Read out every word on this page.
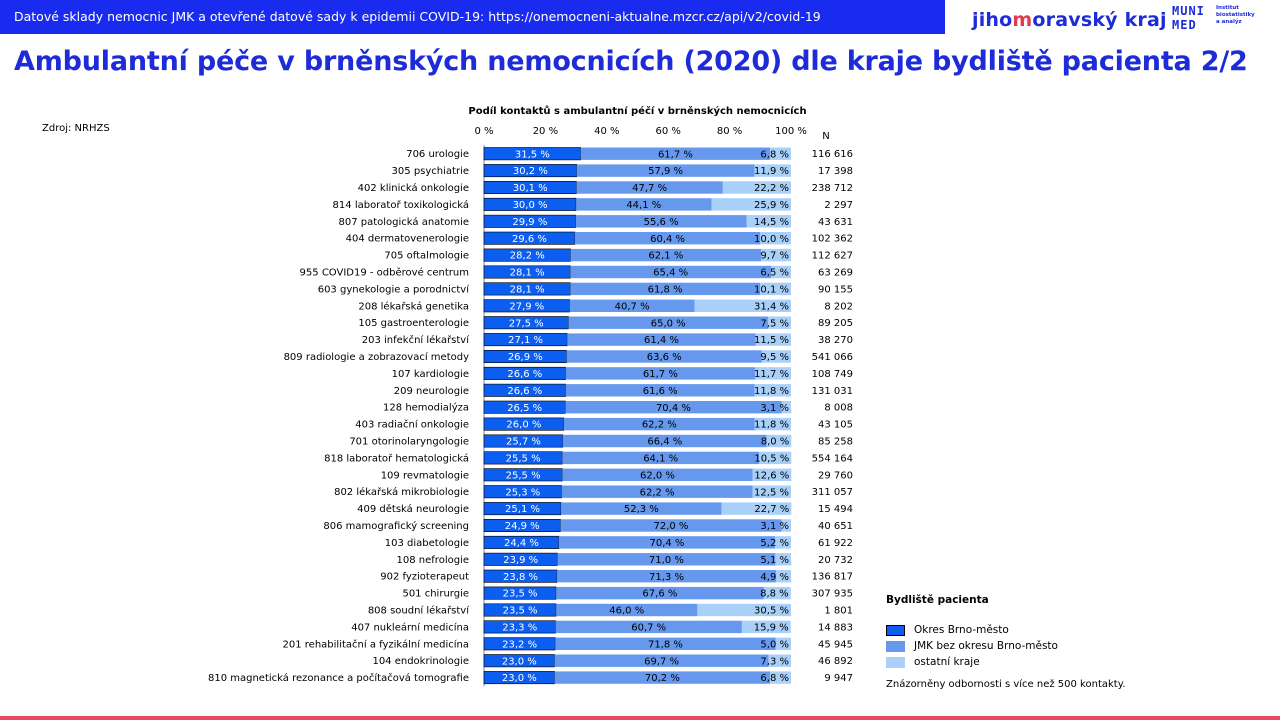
Datové sklady nemocnic JMK a otevřené datové sady k epidemii COVID-19: https://onemocneni-aktualne.mzcr.cz/api/v2/covid-19	jihomoravský kraj MUNI
MED
Institut
biostatistiky
a analýz
Ambulantní péče v brněnských nemocnicích (2020) dle kraje bydliště pacienta 2/2
Zdroj: NRHZS
Podíl kontaktů s ambulantní péčí v brněnských nemocnicích
0 %	20 %	40 %	60 %	80 %	100 % N
706 urologie	31,5 %	61,7 %	6,8 % 116 616
305 psychiatrie	30,2 %	57,9 %	11,9 %	17 398
402 klinická onkologie	30,1 %	47,7 %	22,2 % 238 712
814 laboratoř toxikologická	30,0 %	44,1 %	25,9 %	2 297
807 patologická anatomie	29,9 %	55,6 %	14,5 %	43 631
404 dermatovenerologie	29,6 %	60,4 %	10,0 % 102 362
705 oftalmologie	28,2 %	62,1 %	9,7 % 112 627
955 COVID19 - odběrové centrum	28,1 %	65,4 %	6,5 %	63 269
603 gynekologie a porodnictví	28,1 %	61,8 %	10,1 %	90 155
208 lékařská genetika	27,9 %	40,7 %	31,4 %	8 202
105 gastroenterologie	27,5 %	65,0 %	7,5 %	89 205
203 infekční lékařství	27,1 %	61,4 %	11,5 %	38 270
809 radiologie a zobrazovací metody	26,9 %	63,6 %	9,5 % 541 066
107 kardiologie	26,6 %	61,7 %	11,7 % 108 749
209 neurologie	26,6 %	61,6 %	11,8 % 131 031
128 hemodialýza	26,5 %	70,4 %	3,1 %	8 008
403 radiační onkologie	26,0 %	62,2 %	11,8 %	43 105
701 otorinolaryngologie	25,7 %	66,4 %	8,0 %	85 258
818 laboratoř hematologická	25,5 %	64,1 %	10,5 % 554 164
109 revmatologie	25,5 %	62,0 %	12,6 %	29 760
802 lékařská mikrobiologie	25,3 %	62,2 %	12,5 % 311 057
409 dětská neurologie	25,1 %	52,3 %	22,7 %	15 494
806 mamografický screening	24,9 %	72,0 %	3,1 %	40 651
103 diabetologie	24,4 %	70,4 %	5,2 %	61 922
108 nefrologie	23,9 %	71,0 %	5,1 %	20 732
902 fyzioterapeut	23,8 %	71,3 %	4,9 % 136 817
501 chirurgie	23,5 %	67,6 %	8,8 % 307 935
808 soudní lékařství	23,5 %	46,0 %	30,5 %	1 801
407 nukleární medicína	23,3 %	60,7 %	15,9 %	14 883
201 rehabilitační a fyzikální medicína	23,2 %	71,8 %	5,0 %	45 945
104 endokrinologie	23,0 %	69,7 %	7,3 %	46 892
810 magnetická rezonance a počítačová tomografie	23,0 %	70,2 %	6,8 %	9 947
Bydliště pacienta
Okres Brno-město
JMK bez okresu Brno-město
ostatní kraje
Znázorněny odbornosti s více než 500 kontakty.
